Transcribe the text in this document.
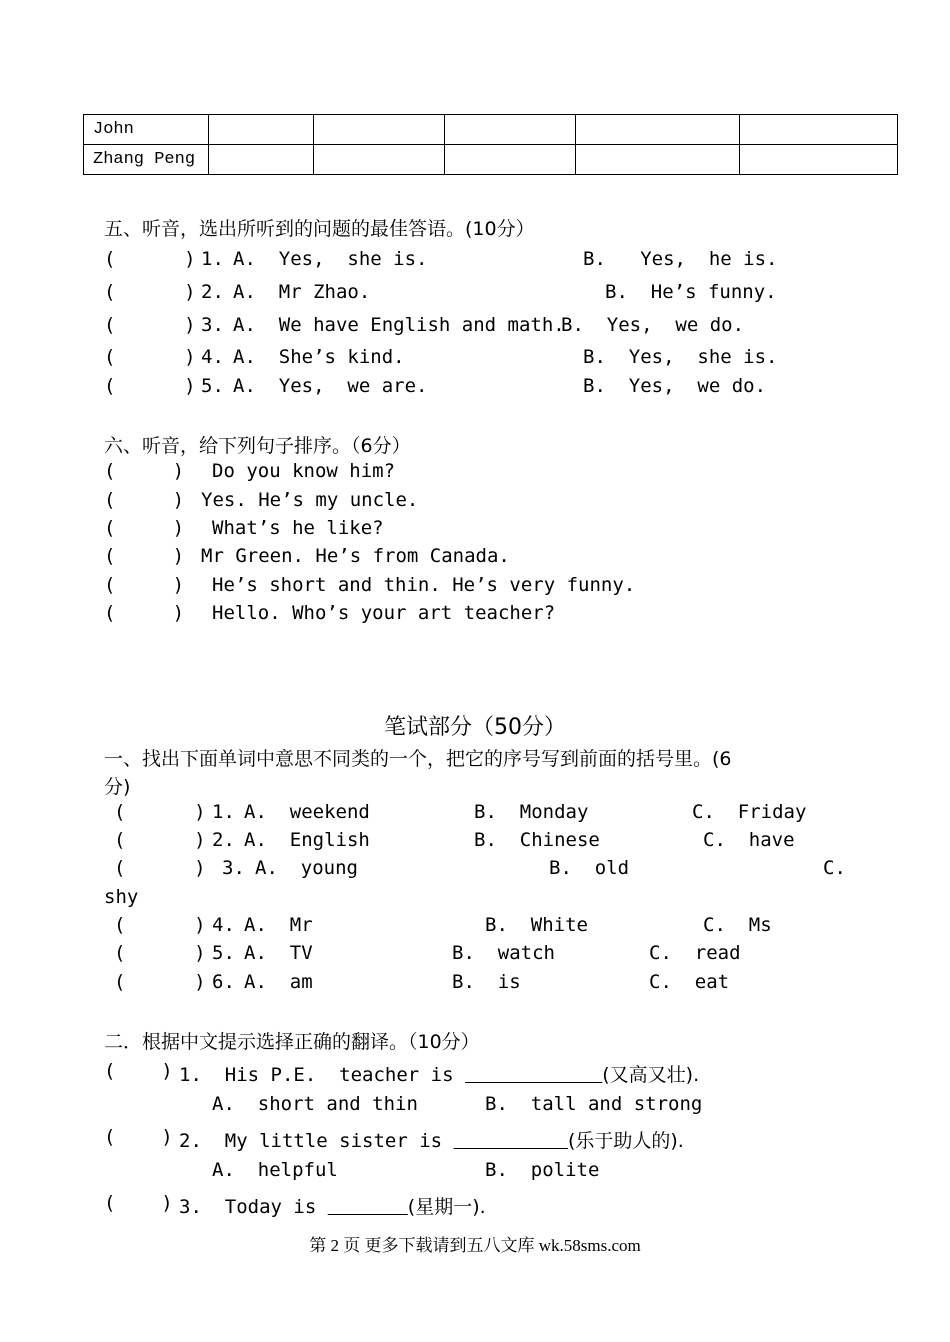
John					
Zhang Peng					
五、听音，选出所听到的问题的最佳答语。(10分）
(      ) 1. A.  Yes,  she is.	B.   Yes,  he is.
(      ) 2. A.  Mr Zhao.	B.  He’s funny.
(      ) 3. A.  We have English and math.
B.  Yes,  we do.
(      ) 4. A.  She’s kind.	B.  Yes,  she is.
(      ) 5. A.  Yes,  we are.	B.  Yes,  we do.
六、听音，给下列句子排序。（6分）
(     ) Do you know him?
(     ) Yes. He’s my uncle.
(     ) What’s he like?
(     ) Mr Green. He’s from Canada.
(     ) He’s short and thin. He’s very funny.
(     ) Hello. Who’s your art teacher?
笔试部分（50分）
一、找出下面单词中意思不同类的一个，把它的序号写到前面的括号里。(6
分)
(      ) 1. A.  weekend	B.  Monday	C.  Friday
(      ) 2. A.  English	B.  Chinese	C.  have
(      ) 3. A.  young	B.  old	C.
shy
(      ) 4. A.  Mr	B.  White	C.  Ms
(      ) 5. A.  TV	B.  watch	C.  read
(      ) 6. A.  am	B.  is	C.  eat
二．根据中文提示选择正确的翻译。（10分）
(    ) 1.  His P.E.  teacher is	(又高又壮).
A.  short and thin	B.  tall and strong
(    ) 2.  My little sister is	(乐于助人的).
A.  helpful	B.  polite
(    ) 3.  Today is	(星期一).
第 2 页 更多下载请到五八文库 wk.58sms.com
